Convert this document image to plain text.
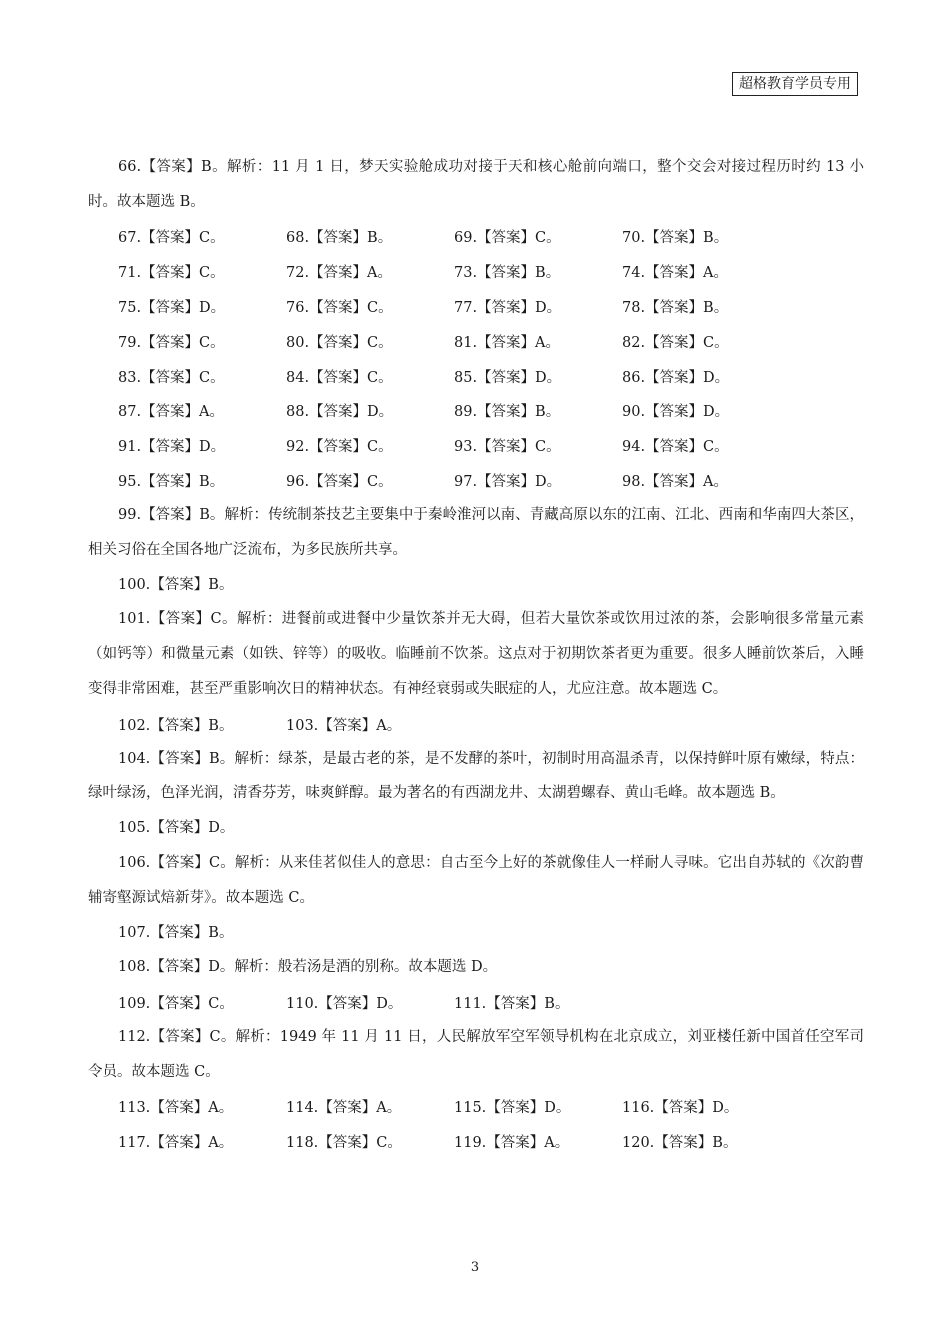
超格教育学员专用

66.【答案】B。解析：11 月 1 日，梦天实验舱成功对接于天和核心舱前向端口，整个交会对接过程历时约 13 小时。故本题选 B。

67.【答案】C。	68.【答案】B。	69.【答案】C。	70.【答案】B。
71.【答案】C。	72.【答案】A。	73.【答案】B。	74.【答案】A。
75.【答案】D。	76.【答案】C。	77.【答案】D。	78.【答案】B。
79.【答案】C。	80.【答案】C。	81.【答案】A。	82.【答案】C。
83.【答案】C。	84.【答案】C。	85.【答案】D。	86.【答案】D。
87.【答案】A。	88.【答案】D。	89.【答案】B。	90.【答案】D。
91.【答案】D。	92.【答案】C。	93.【答案】C。	94.【答案】C。
95.【答案】B。	96.【答案】C。	97.【答案】D。	98.【答案】A。

99.【答案】B。解析：传统制茶技艺主要集中于秦岭淮河以南、青藏高原以东的江南、江北、西南和华南四大茶区，相关习俗在全国各地广泛流布，为多民族所共享。

100.【答案】B。

101.【答案】C。解析：进餐前或进餐中少量饮茶并无大碍，但若大量饮茶或饮用过浓的茶，会影响很多常量元素（如钙等）和微量元素（如铁、锌等）的吸收。临睡前不饮茶。这点对于初期饮茶者更为重要。很多人睡前饮茶后，入睡变得非常困难，甚至严重影响次日的精神状态。有神经衰弱或失眠症的人，尤应注意。故本题选 C。

102.【答案】B。	103.【答案】A。

104.【答案】B。解析：绿茶，是最古老的茶，是不发酵的茶叶，初制时用高温杀青，以保持鲜叶原有嫩绿，特点：绿叶绿汤，色泽光润，清香芬芳，味爽鲜醇。最为著名的有西湖龙井、太湖碧螺春、黄山毛峰。故本题选 B。

105.【答案】D。

106.【答案】C。解析：从来佳茗似佳人的意思：自古至今上好的茶就像佳人一样耐人寻味。它出自苏轼的《次韵曹辅寄壑源试焙新芽》。故本题选 C。

107.【答案】B。

108.【答案】D。解析：般若汤是酒的别称。故本题选 D。

109.【答案】C。	110.【答案】D。	111.【答案】B。

112.【答案】C。解析：1949 年 11 月 11 日，人民解放军空军领导机构在北京成立，刘亚楼任新中国首任空军司令员。故本题选 C。

113.【答案】A。	114.【答案】A。	115.【答案】D。	116.【答案】D。
117.【答案】A。	118.【答案】C。	119.【答案】A。	120.【答案】B。
3
